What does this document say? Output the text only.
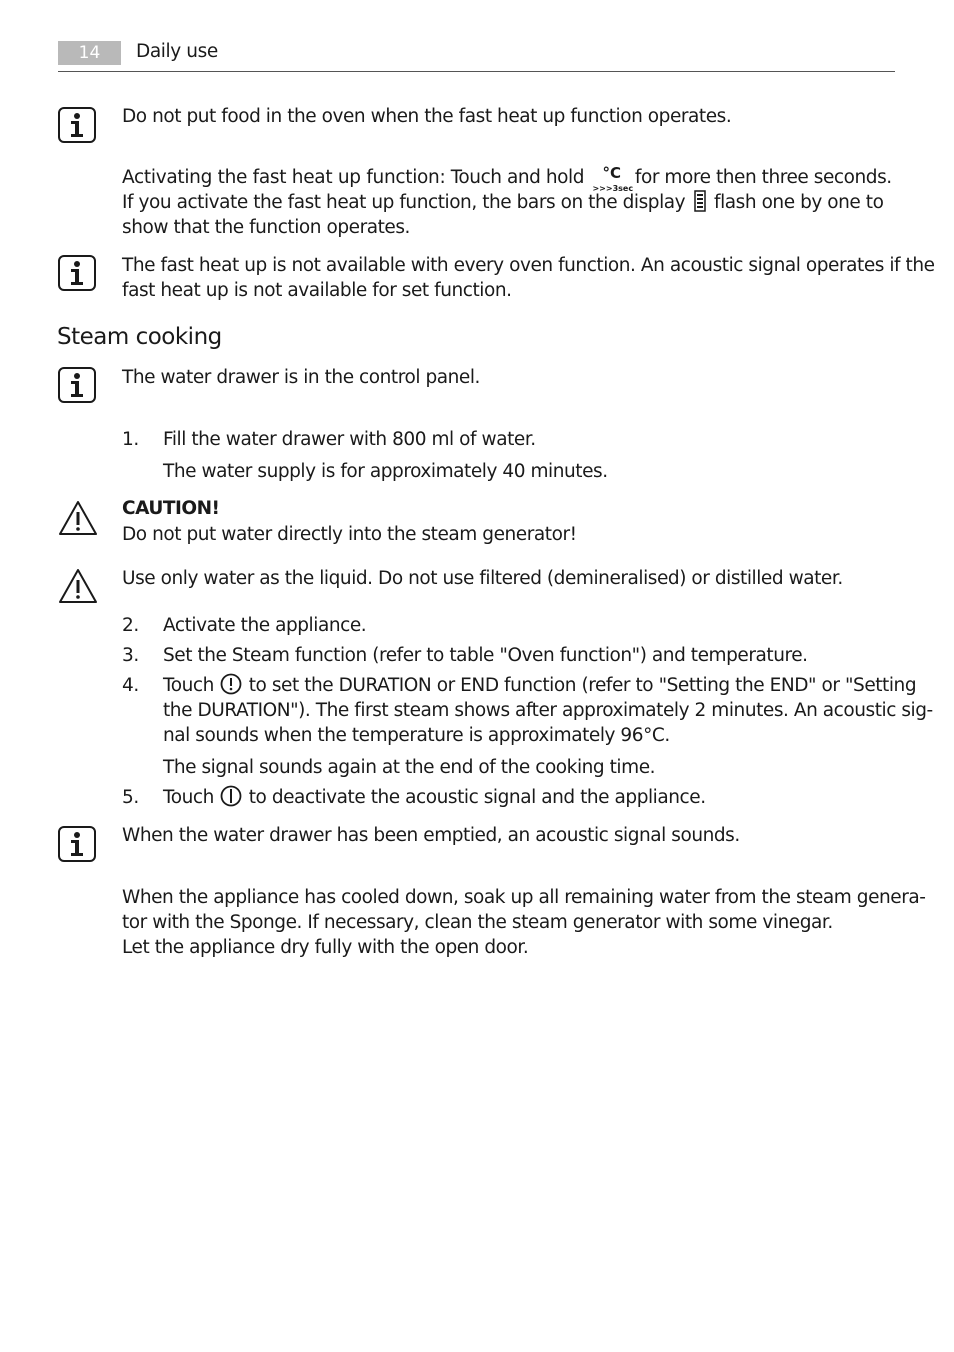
14	Daily use
Do not put food in the oven when the fast heat up function operates.
Activating the fast heat up function: Touch and hold °C
>>>3sec
for more then three seconds.
If you activate the fast heat up function, the bars on the display flash one by one to
show that the function operates.
The fast heat up is not available with every oven function. An acoustic signal operates if the
fast heat up is not available for set function.
Steam cooking
The water drawer is in the control panel.
1. Fill the water drawer with 800 ml of water.
The water supply is for approximately 40 minutes.
CAUTION!
Do not put water directly into the steam generator!
Use only water as the liquid. Do not use filtered (demineralised) or distilled water.
2. Activate the appliance.
3. Set the Steam function (refer to table "Oven function") and temperature.
4. Touch to set the DURATION or END function (refer to "Setting the END" or "Setting
the DURATION"). The first steam shows after approximately 2 minutes. An acoustic sig-
nal sounds when the temperature is approximately 96°C.
The signal sounds again at the end of the cooking time.
5. Touch to deactivate the acoustic signal and the appliance.
When the water drawer has been emptied, an acoustic signal sounds.
When the appliance has cooled down, soak up all remaining water from the steam genera-
tor with the Sponge. If necessary, clean the steam generator with some vinegar.
Let the appliance dry fully with the open door.
